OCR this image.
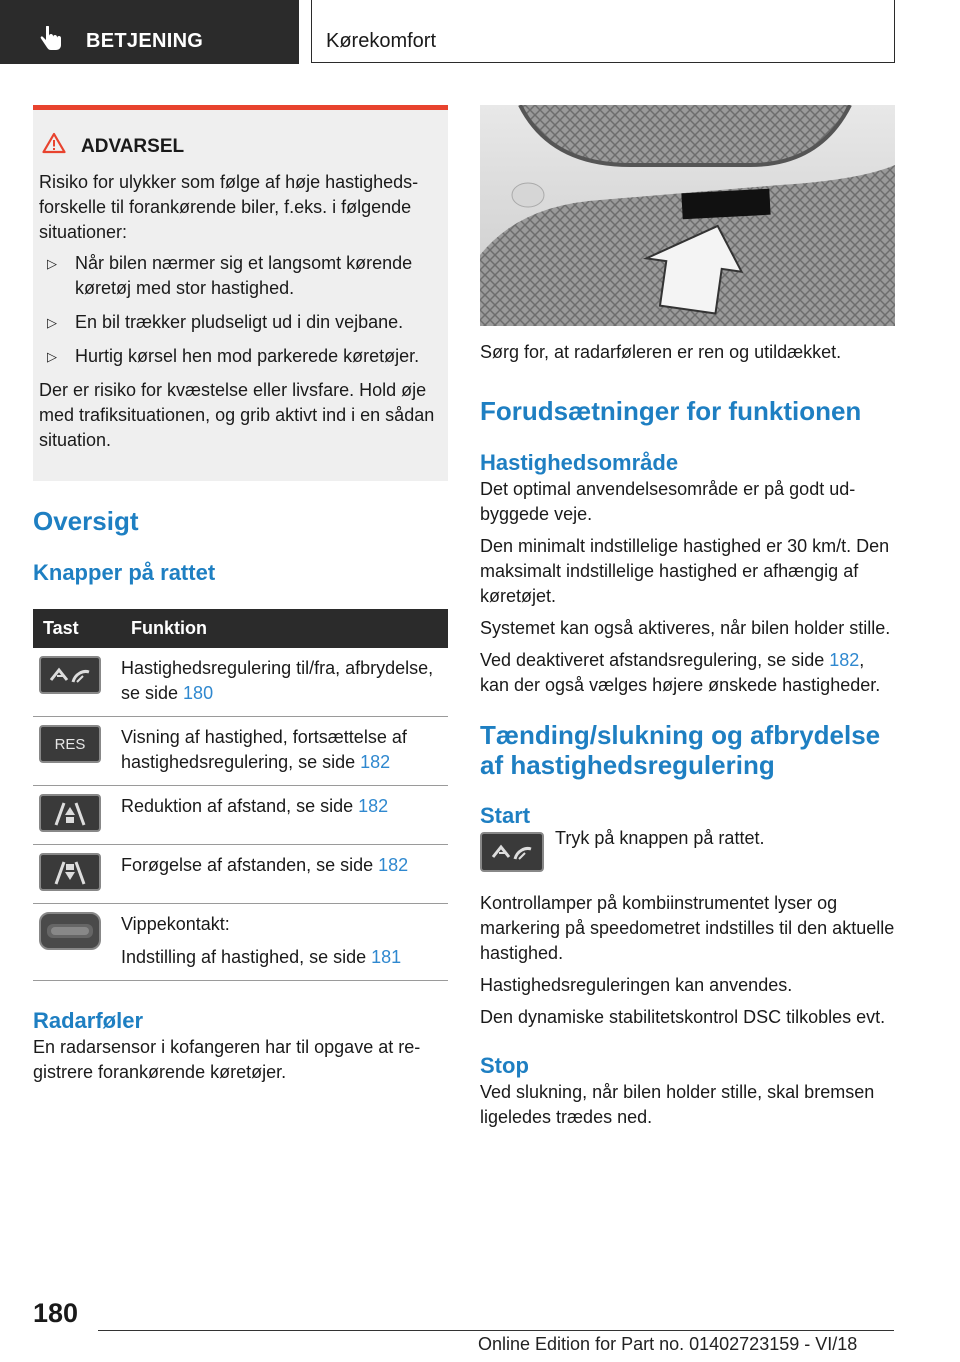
BETJENING	Kørekomfort
ADVARSEL

Risiko for ulykker som følge af høje hastighedsforskelle til forankørende biler, f.eks. i følgende situationer:

▷ Når bilen nærmer sig et langsomt kørende køretøj med stor hastighed.
▷ En bil trækker pludseligt ud i din vejbane.
▷ Hurtig kørsel hen mod parkerede køretøjer.

Der er risiko for kvæstelse eller livsfare. Hold øje med trafiksituationen, og grib aktivt ind i en sådan situation.

Oversigt
Knapper på rattet
Tast	Funktion

	Hastighedsregulering til/fra, afbrydelse, se side 180

RES	Visning af hastighed, fortsættelse af hastighedsregulering, se side 182

	Reduktion af afstand, se side 182

	Forøgelse af afstanden, se side 182

Vippekontakt:
Indstilling af hastighed, se side 181
Radarføler

En radarsensor i kofangeren har til opgave at registrere forankørende køretøjer.

Sørg for, at radarføleren er ren og utildækket.

Forudsætninger for funktionen
Hastighedsområde

Det optimal anvendelsesområde er på godt udbyggede veje.

Den minimalt indstillelige hastighed er 30 km/t. Den maksimalt indstillelige hastighed er afhængig af køretøjet.

Systemet kan også aktiveres, når bilen holder stille.

Ved deaktiveret afstandsregulering, se side 182, kan der også vælges højere ønskede hastigheder.

Tænding/slukning og afbrydelse af hastighedsregulering
Start

Tryk på knappen på rattet.

Kontrollamper på kombiinstrumentet lyser og markering på speedometret indstilles til den aktuelle hastighed.

Hastighedsreguleringen kan anvendes.

Den dynamiske stabilitetskontrol DSC tilkobles evt.

Stop

Ved slukning, når bilen holder stille, skal bremsen ligeledes trædes ned.

180
Online Edition for Part no. 01402723159 - VI/18
